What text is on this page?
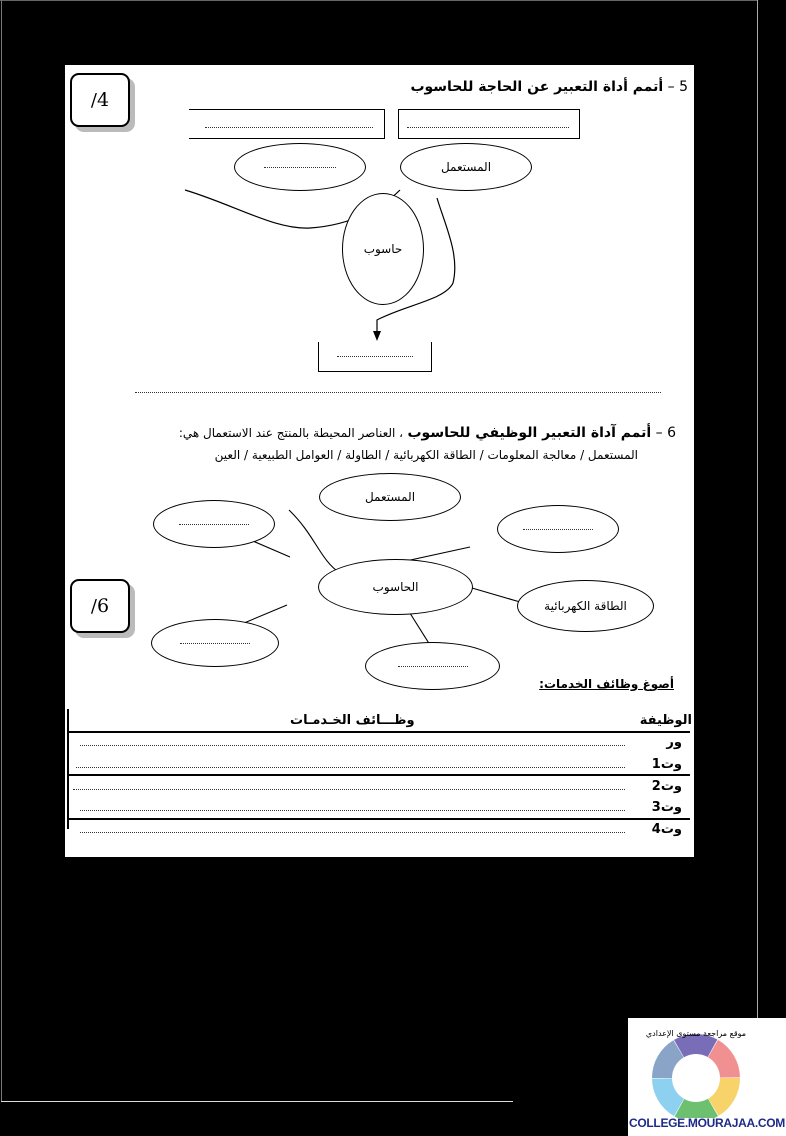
/ 4
5 – أتمم أداة التعبير عن الحاجة للحاسوب
المستعمل
حاسوب
6 – أتمم آداة التعبير الوظيفي للحاسوب ، العناصر المحيطة بالمنتج عند الاستعمال هي:
المستعمل / معالجة المعلومات / الطاقة الكهربائية / الطاولة / العوامل الطبيعية / العين
المستعمل
الحاسوب
الطاقة الكهربائية
/ 6
أصوغ وظائف الخدمات:
الوظيفة
وظـــائف الخـدمـات
ور
وت1
وت2
وت3
وت4
موقع مراجعة مستوى الإعدادي
COLLEGE.MOURAJAA.COM
